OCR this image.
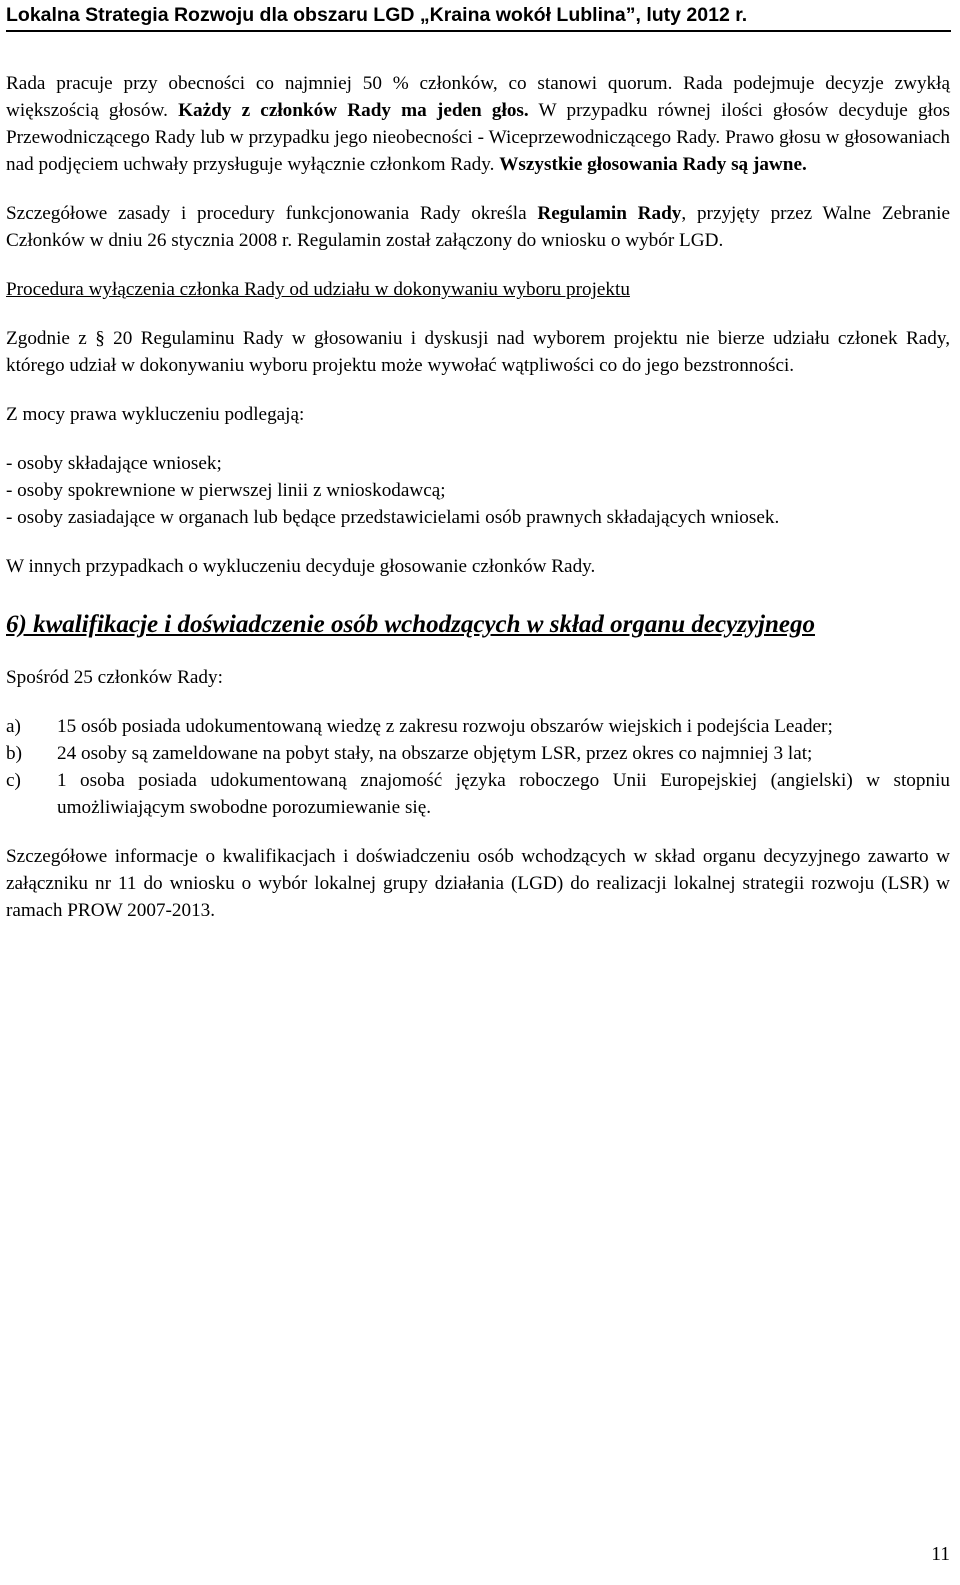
Lokalna Strategia Rozwoju dla obszaru LGD „Kraina wokół Lublina”, luty 2012 r.

Rada pracuje przy obecności co najmniej 50 % członków, co stanowi quorum. Rada podejmuje decyzje zwykłą większością głosów. Każdy z członków Rady ma jeden głos. W przypadku równej ilości głosów decyduje głos Przewodniczącego Rady lub w przypadku jego nieobecności - Wiceprzewodniczącego Rady. Prawo głosu w głosowaniach nad podjęciem uchwały przysługuje wyłącznie członkom Rady. Wszystkie głosowania Rady są jawne.

Szczegółowe zasady i procedury funkcjonowania Rady określa Regulamin Rady, przyjęty przez Walne Zebranie Członków w dniu 26 stycznia 2008 r. Regulamin został załączony do wniosku o wybór LGD.

Procedura wyłączenia członka Rady od udziału w dokonywaniu wyboru projektu

Zgodnie z § 20 Regulaminu Rady w głosowaniu i dyskusji nad wyborem projektu nie bierze udziału członek Rady, którego udział w dokonywaniu wyboru projektu może wywołać wątpliwości co do jego bezstronności.

Z mocy prawa wykluczeniu podlegają:

- osoby składające wniosek;

- osoby spokrewnione w pierwszej linii z wnioskodawcą;

- osoby zasiadające w organach lub będące przedstawicielami osób prawnych składających wniosek.

W innych przypadkach o wykluczeniu decyduje głosowanie członków Rady.

6) kwalifikacje i doświadczenie osób wchodzących w skład organu decyzyjnego

Spośród 25 członków Rady:

a)	15 osób posiada udokumentowaną wiedzę z zakresu rozwoju obszarów wiejskich i podejścia Leader;
b)	24 osoby są zameldowane na pobyt stały, na obszarze objętym LSR, przez okres co najmniej 3 lat;
c)	1 osoba posiada udokumentowaną znajomość języka roboczego Unii Europejskiej (angielski) w stopniu umożliwiającym swobodne porozumiewanie się.

Szczegółowe informacje o kwalifikacjach i doświadczeniu osób wchodzących w skład organu decyzyjnego zawarto w załączniku nr 11 do wniosku o wybór lokalnej grupy działania (LGD) do realizacji lokalnej strategii rozwoju (LSR) w ramach PROW 2007-2013.

11
